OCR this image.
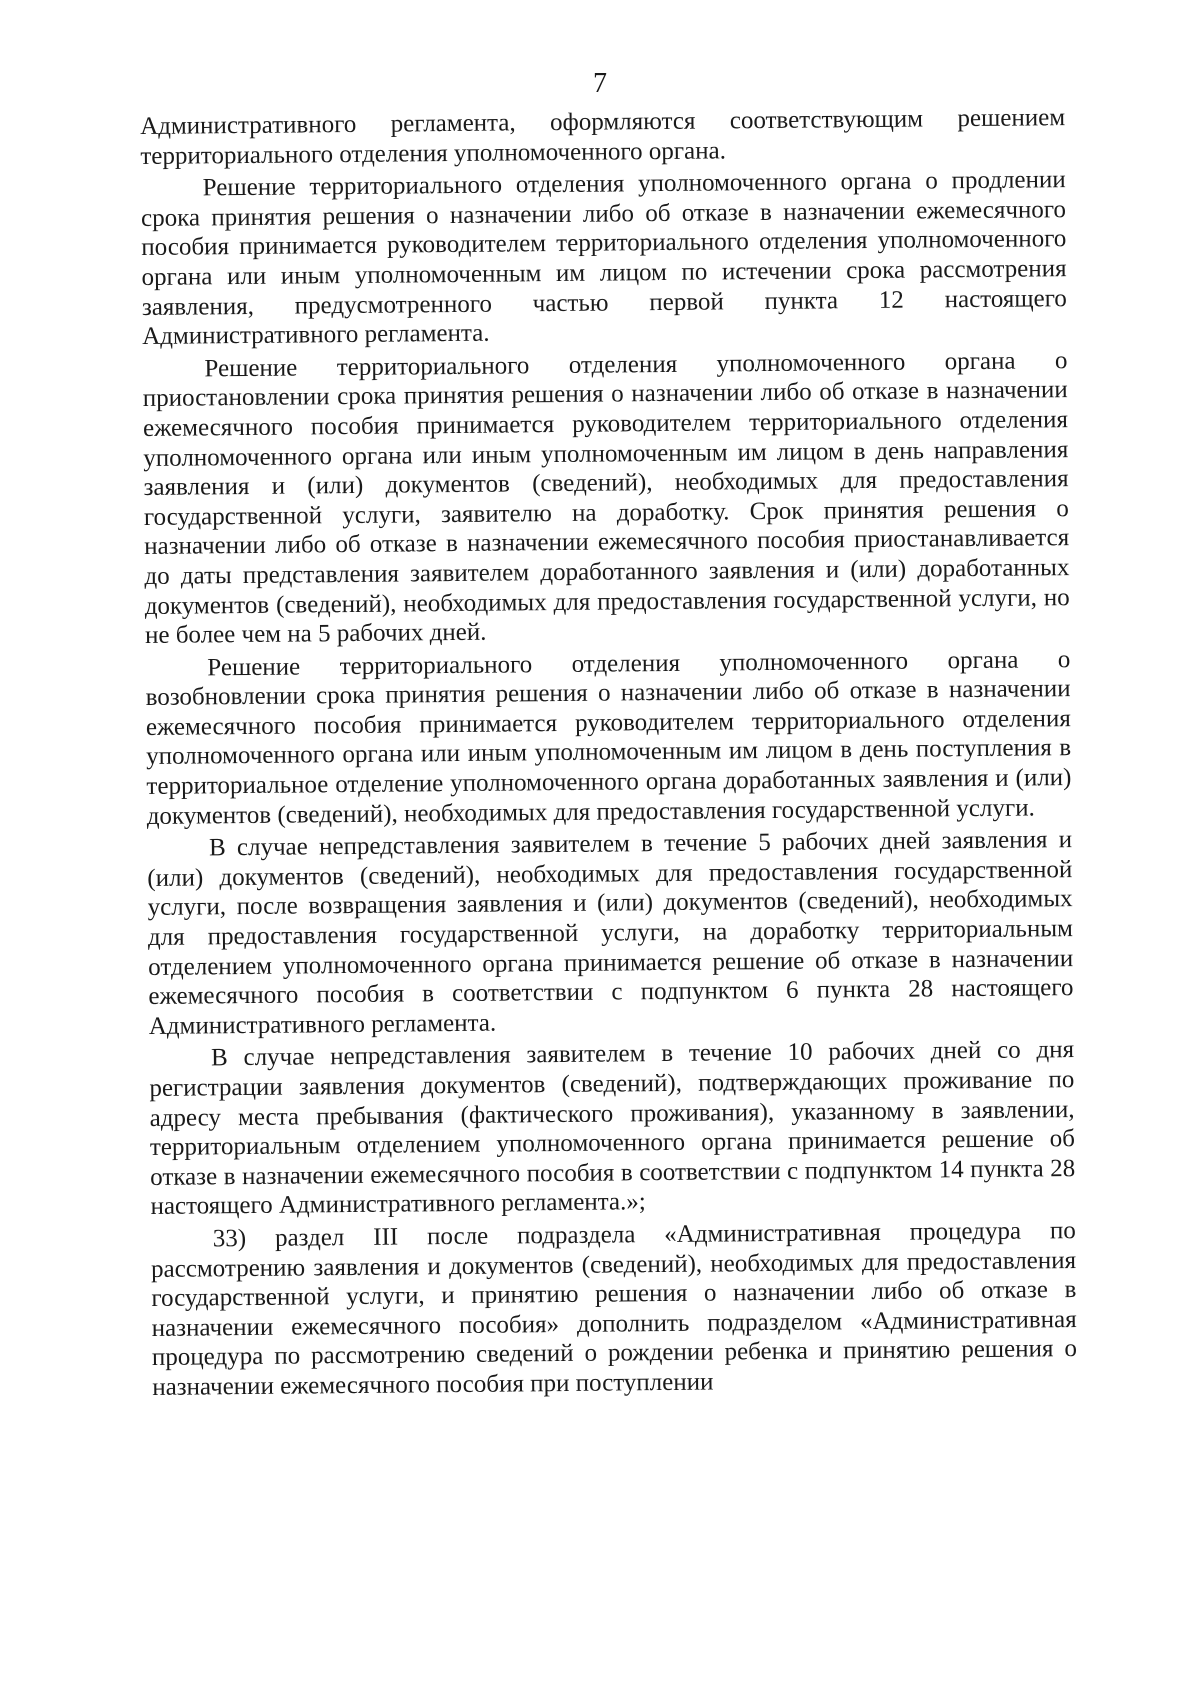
7

Административного регламента, оформляются соответствующим решением территориального отделения уполномоченного органа.

Решение территориального отделения уполномоченного органа о продлении срока принятия решения о назначении либо об отказе в назначении ежемесячного пособия принимается руководителем территориального отделения уполномоченного органа или иным уполномоченным им лицом по истечении срока рассмотрения заявления, предусмотренного частью первой пункта 12 настоящего Административного регламента.

Решение территориального отделения уполномоченного органа о приостановлении срока принятия решения о назначении либо об отказе в назначении ежемесячного пособия принимается руководителем территориального отделения уполномоченного органа или иным уполномоченным им лицом в день направления заявления и (или) документов (сведений), необходимых для предоставления государственной услуги, заявителю на доработку. Срок принятия решения о назначении либо об отказе в назначении ежемесячного пособия приостанавливается до даты представления заявителем доработанного заявления и (или) доработанных документов (сведений), необходимых для предоставления государственной услуги, но не более чем на 5 рабочих дней.

Решение территориального отделения уполномоченного органа о возобновлении срока принятия решения о назначении либо об отказе в назначении ежемесячного пособия принимается руководителем территориального отделения уполномоченного органа или иным уполномоченным им лицом в день поступления в территориальное отделение уполномоченного органа доработанных заявления и (или) документов (сведений), необходимых для предоставления государственной услуги.

В случае непредставления заявителем в течение 5 рабочих дней заявления и (или) документов (сведений), необходимых для предоставления государственной услуги, после возвращения заявления и (или) документов (сведений), необходимых для предоставления государственной услуги, на доработку территориальным отделением уполномоченного органа принимается решение об отказе в назначении ежемесячного пособия в соответствии с подпунктом 6 пункта 28 настоящего Административного регламента.

В случае непредставления заявителем в течение 10 рабочих дней со дня регистрации заявления документов (сведений), подтверждающих проживание по адресу места пребывания (фактического проживания), указанному в заявлении, территориальным отделением уполномоченного органа принимается решение об отказе в назначении ежемесячного пособия в соответствии с подпунктом 14 пункта 28 настоящего Административного регламента.»;

33) раздел III после подраздела «Административная процедура по рассмотрению заявления и документов (сведений), необходимых для предоставления государственной услуги, и принятию решения о назначении либо об отказе в назначении ежемесячного пособия» дополнить подразделом «Административная процедура по рассмотрению сведений о рождении ребенка и принятию решения о назначении ежемесячного пособия при поступлении
